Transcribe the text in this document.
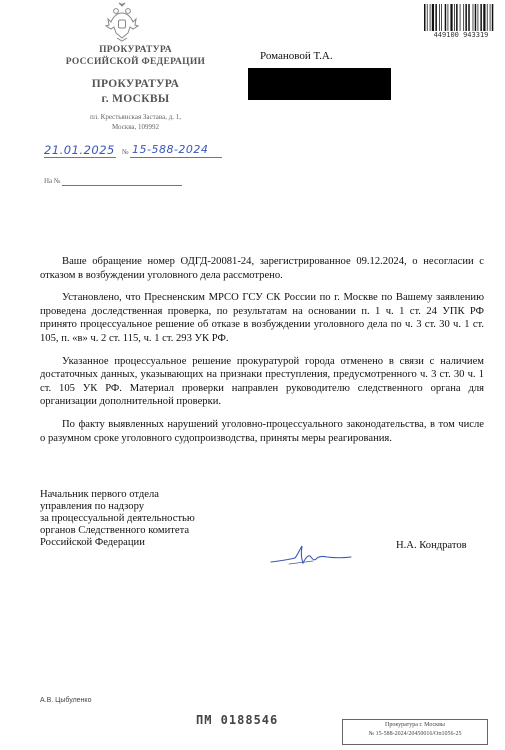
ПРОКУРАТУРА
РОССИЙСКОЙ ФЕДЕРАЦИИ
ПРОКУРАТУРА
г. МОСКВЫ
пл. Крестьянская Застава, д. 1,
Москва, 109992
21.01.2025 № 15-588-2024
На №
Романовой Т.А.
449100 943319

Ваше обращение номер ОДГД-20081-24, зарегистрированное 09.12.2024, о несогласии с отказом в возбуждении уголовного дела рассмотрено.

Установлено, что Пресненским МРСО ГСУ СК России по г. Москве по Вашему заявлению проведена доследственная проверка, по результатам на основании п. 1 ч. 1 ст. 24 УПК РФ принято процессуальное решение об отказе в возбуждении уголовного дела по ч. 3 ст. 30 ч. 1 ст. 105, п. «в» ч. 2 ст. 115, ч. 1 ст. 293 УК РФ.

Указанное процессуальное решение прокуратурой города отменено в связи с наличием достаточных данных, указывающих на признаки преступления, предусмотренного ч. 3 ст. 30 ч. 1 ст. 105 УК РФ. Материал проверки направлен руководителю следственного органа для организации дополнительной проверки.

По факту выявленных нарушений уголовно-процессуального законодательства, в том числе о разумном сроке уголовного судопроизводства, приняты меры реагирования.

Начальник первого отдела
управления по надзору
за процессуальной деятельностью
органов Следственного комитета
Российской Федерации	Н.А. Кондратов
А.В. Цыбуленко
ПМ 0188546	Прокуратура г. Москвы
№ 15-588-2024/20450016/Оп1056-25
